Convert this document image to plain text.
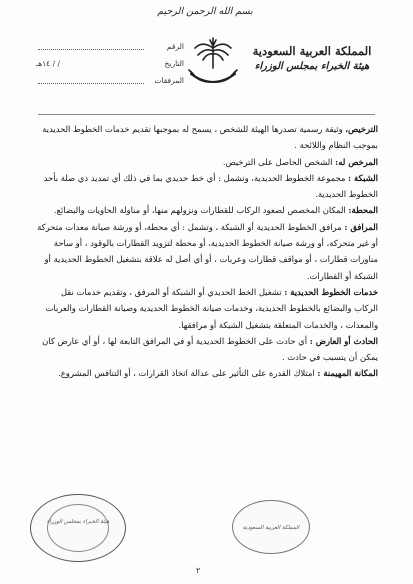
بسم الله الرحمن الرحيم
المملكة العربية السعودية
هيئة الخبراء بمجلس الوزراء
الرقم
التاريخ
/ / ١٤هـ
المرفقات

الترخيص، وثيقة رسمية تصدرها الهيئة للشخص ، يسمح له بموجبها تقديم خدمات الخطوط الحديدية بموجب النظام واللائحة .

المرخص له: الشخص الحاصل على الترخيص.

الشبكة : مجموعة الخطوط الحديدية، وتشمل : أي خط حديدي بما في ذلك أي تمديد ذي صلة بأحد الخطوط الحديدية.

المحطة: المكان المخصص لصعود الركاب للقطارات ونزولهم منها، أو مناولة الحاويات والبضائع.

المرافق : مرافق الخطوط الحديدية أو الشبكة ، وتشمل : أي محطة، أو ورشة صيانة معدات متحركة أو غير متحركة، أو ورشة صيانة الخطوط الحديدية، أو محطة لتزويد القطارات بالوقود ، أو ساحة مناورات قطارات ، أو مواقف قطارات وعربات ، أو أي أصل له علاقة بتشغيل الخطوط الحديدية أو الشبكة أو القطارات.

خدمات الخطوط الحديدية : تشغيل الخط الحديدي أو الشبكة أو المرفق ، وتقديم خدمات نقل الركاب والبضائع بالخطوط الحديدية، وخدمات صيانة الخطوط الحديدية وصيانة القطارات والعربات والمعدات ، والخدمات المتعلقة بتشغيل الشبكة أو مرافقها.

الحادث أو العارض : أي حادث على الخطوط الحديدية أو في المرافق التابعة لها ، أو أي عارض كان يمكن أن يتسبب في حادث .

المكانة المهيمنة : امتلاك القدرة على التأثير على عدالة اتخاذ القرارات ، أو التنافس المشروع.

هيئة الخبراء بمجلس الوزراء
المملكة العربية السعودية
٢
